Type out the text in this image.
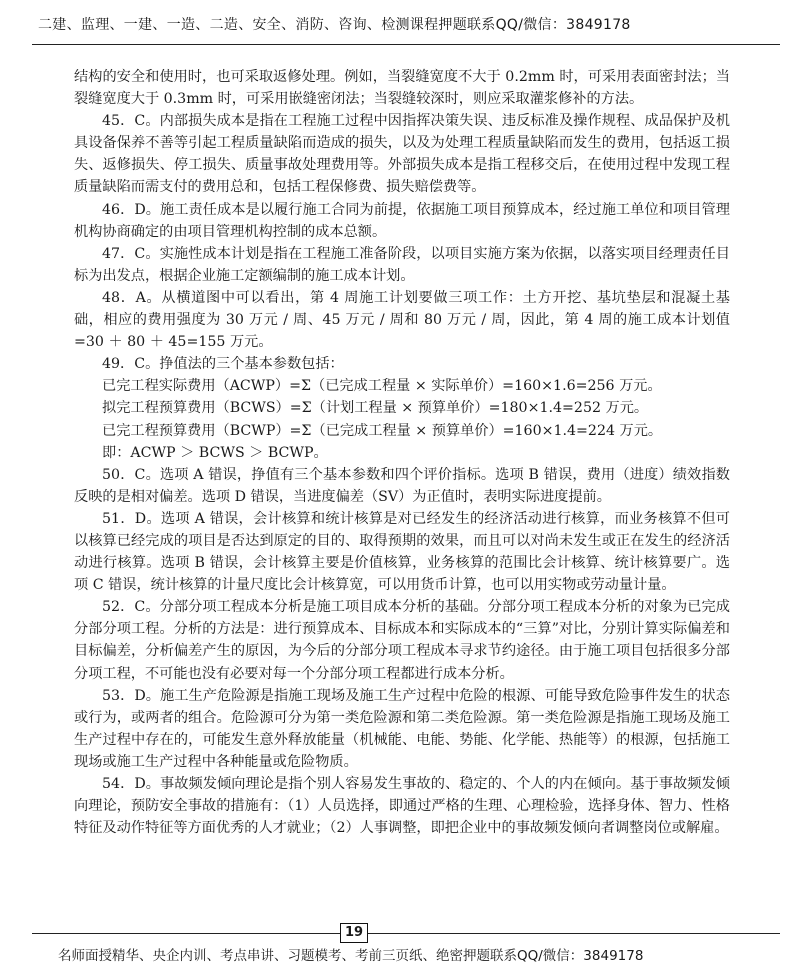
二建、监理、一建、一造、二造、安全、消防、咨询、检测课程押题联系QQ/微信：3849178

结构的安全和使用时，也可采取返修处理。例如，当裂缝宽度不大于 0.2mm 时，可采用表面密封法；当裂缝宽度大于 0.3mm 时，可采用嵌缝密闭法；当裂缝较深时，则应采取灌浆修补的方法。

45．C。内部损失成本是指在工程施工过程中因指挥决策失误、违反标准及操作规程、成品保护及机具设备保养不善等引起工程质量缺陷而造成的损失，以及为处理工程质量缺陷而发生的费用，包括返工损失、返修损失、停工损失、质量事故处理费用等。外部损失成本是指工程移交后，在使用过程中发现工程质量缺陷而需支付的费用总和，包括工程保修费、损失赔偿费等。

46．D。施工责任成本是以履行施工合同为前提，依据施工项目预算成本，经过施工单位和项目管理机构协商确定的由项目管理机构控制的成本总额。

47．C。实施性成本计划是指在工程施工准备阶段，以项目实施方案为依据，以落实项目经理责任目标为出发点，根据企业施工定额编制的施工成本计划。

48．A。从横道图中可以看出，第 4 周施工计划要做三项工作：土方开挖、基坑垫层和混凝土基础，相应的费用强度为 30 万元 / 周、45 万元 / 周和 80 万元 / 周，因此，第 4 周的施工成本计划值 =30 ＋ 80 ＋ 45=155 万元。

49．C。挣值法的三个基本参数包括：

已完工程实际费用（ACWP）=Σ（已完成工程量 × 实际单价）=160×1.6=256 万元。

拟完工程预算费用（BCWS）=Σ（计划工程量 × 预算单价）=180×1.4=252 万元。

已完工程预算费用（BCWP）=Σ（已完成工程量 × 预算单价）=160×1.4=224 万元。

即：ACWP ＞ BCWS ＞ BCWP。

50．C。选项 A 错误，挣值有三个基本参数和四个评价指标。选项 B 错误，费用（进度）绩效指数反映的是相对偏差。选项 D 错误，当进度偏差（SV）为正值时，表明实际进度提前。

51．D。选项 A 错误，会计核算和统计核算是对已经发生的经济活动进行核算，而业务核算不但可以核算已经完成的项目是否达到原定的目的、取得预期的效果，而且可以对尚未发生或正在发生的经济活动进行核算。选项 B 错误，会计核算主要是价值核算，业务核算的范围比会计核算、统计核算要广。选项 C 错误，统计核算的计量尺度比会计核算宽，可以用货币计算，也可以用实物或劳动量计量。

52．C。分部分项工程成本分析是施工项目成本分析的基础。分部分项工程成本分析的对象为已完成分部分项工程。分析的方法是：进行预算成本、目标成本和实际成本的“三算”对比，分别计算实际偏差和目标偏差，分析偏差产生的原因，为今后的分部分项工程成本寻求节约途径。由于施工项目包括很多分部分项工程，不可能也没有必要对每一个分部分项工程都进行成本分析。

53．D。施工生产危险源是指施工现场及施工生产过程中危险的根源、可能导致危险事件发生的状态或行为，或两者的组合。危险源可分为第一类危险源和第二类危险源。第一类危险源是指施工现场及施工生产过程中存在的，可能发生意外释放能量（机械能、电能、势能、化学能、热能等）的根源，包括施工现场或施工生产过程中各种能量或危险物质。

54．D。事故频发倾向理论是指个别人容易发生事故的、稳定的、个人的内在倾向。基于事故频发倾向理论，预防安全事故的措施有：（1）人员选择，即通过严格的生理、心理检验，选择身体、智力、性格特征及动作特征等方面优秀的人才就业；（2）人事调整，即把企业中的事故频发倾向者调整岗位或解雇。

19
名师面授精华、央企内训、考点串讲、习题模考、考前三页纸、绝密押题联系QQ/微信：3849178
